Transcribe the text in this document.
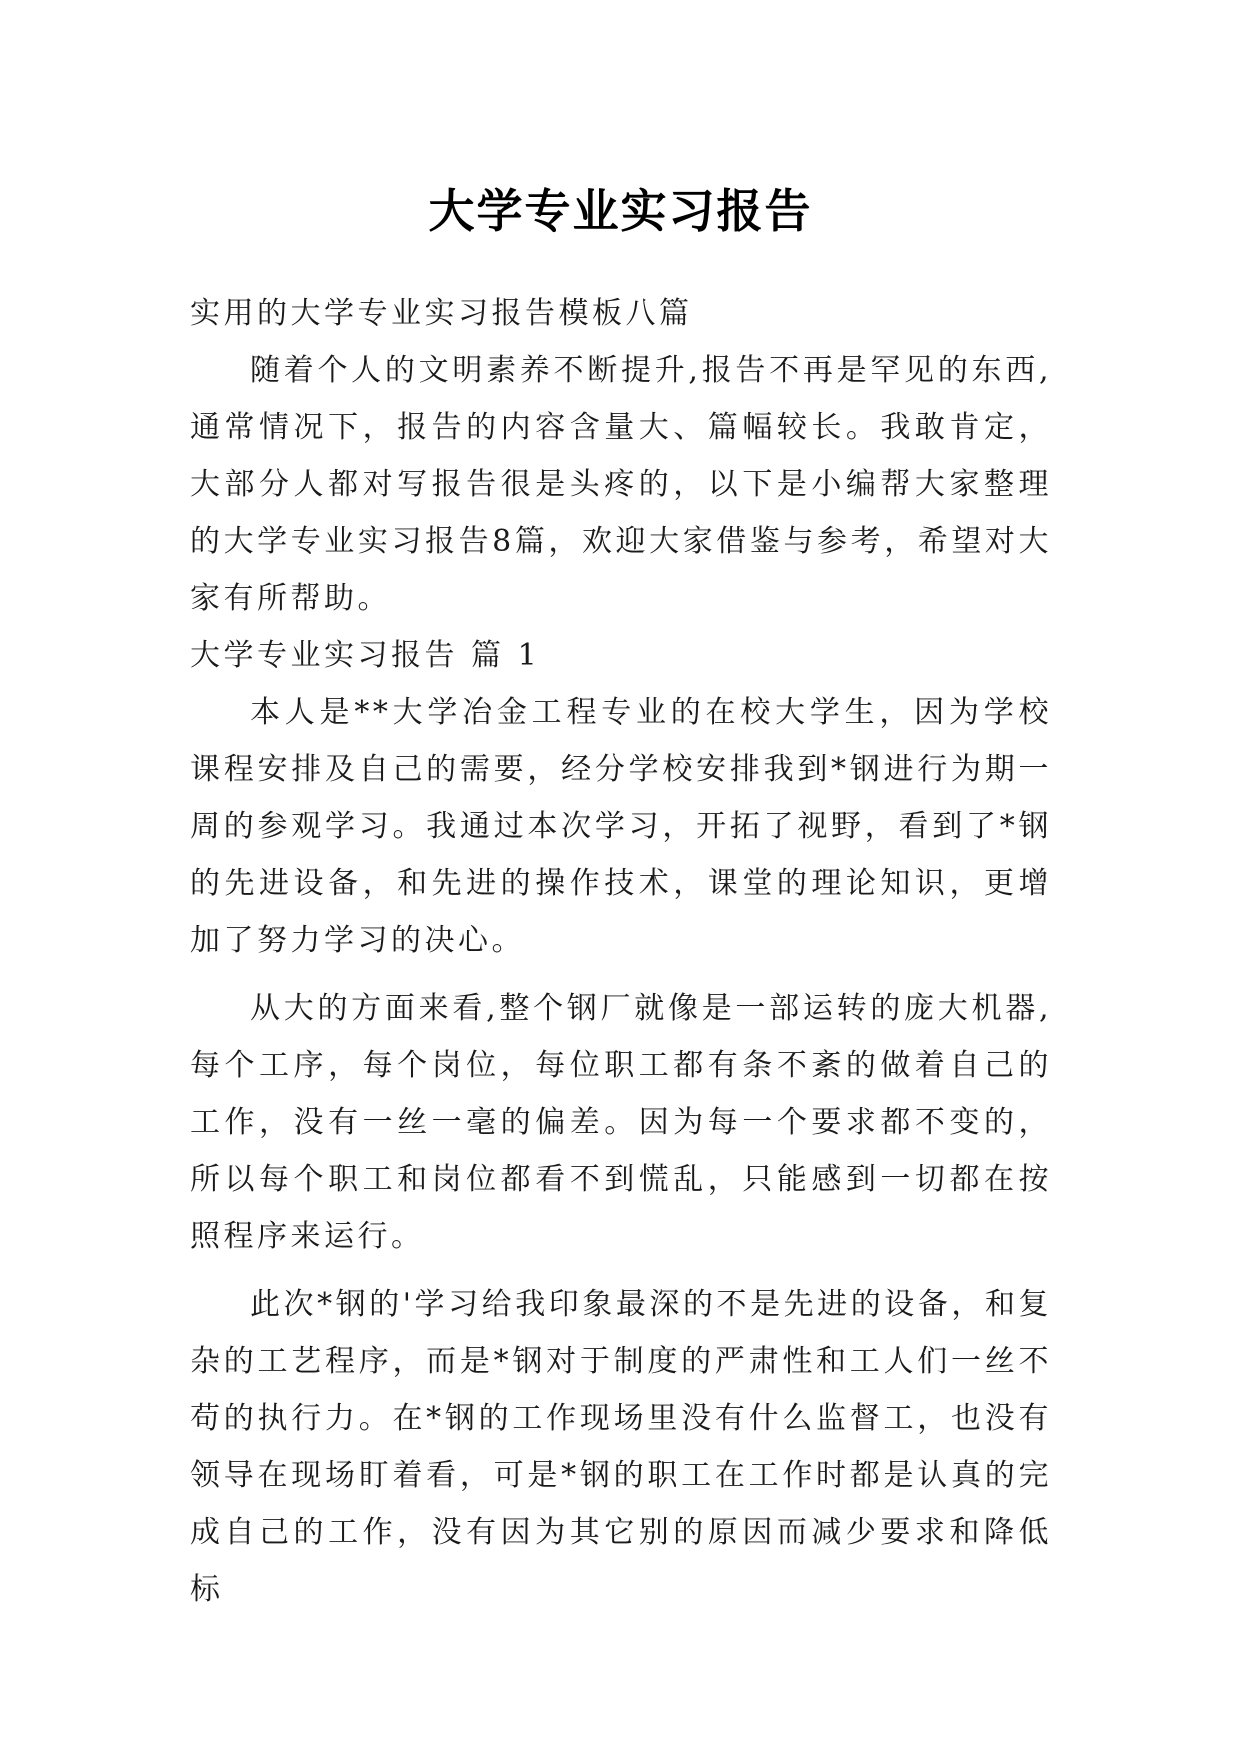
大学专业实习报告

实用的大学专业实习报告模板八篇

随着个人的文明素养不断提升,报告不再是罕见的东西,通常情况下，报告的内容含量大、篇幅较长。我敢肯定，大部分人都对写报告很是头疼的，以下是小编帮大家整理的大学专业实习报告8篇，欢迎大家借鉴与参考，希望对大家有所帮助。

大学专业实习报告 篇 1

本人是**大学冶金工程专业的在校大学生，因为学校课程安排及自己的需要，经分学校安排我到*钢进行为期一周的参观学习。我通过本次学习，开拓了视野，看到了*钢的先进设备，和先进的操作技术，课堂的理论知识，更增加了努力学习的决心。

从大的方面来看,整个钢厂就像是一部运转的庞大机器,每个工序，每个岗位，每位职工都有条不紊的做着自己的工作，没有一丝一毫的偏差。因为每一个要求都不变的，所以每个职工和岗位都看不到慌乱，只能感到一切都在按照程序来运行。

此次*钢的'学习给我印象最深的不是先进的设备，和复杂的工艺程序，而是*钢对于制度的严肃性和工人们一丝不苟的执行力。在*钢的工作现场里没有什么监督工，也没有领导在现场盯着看，可是*钢的职工在工作时都是认真的完成自己的工作，没有因为其它别的原因而减少要求和降低标
